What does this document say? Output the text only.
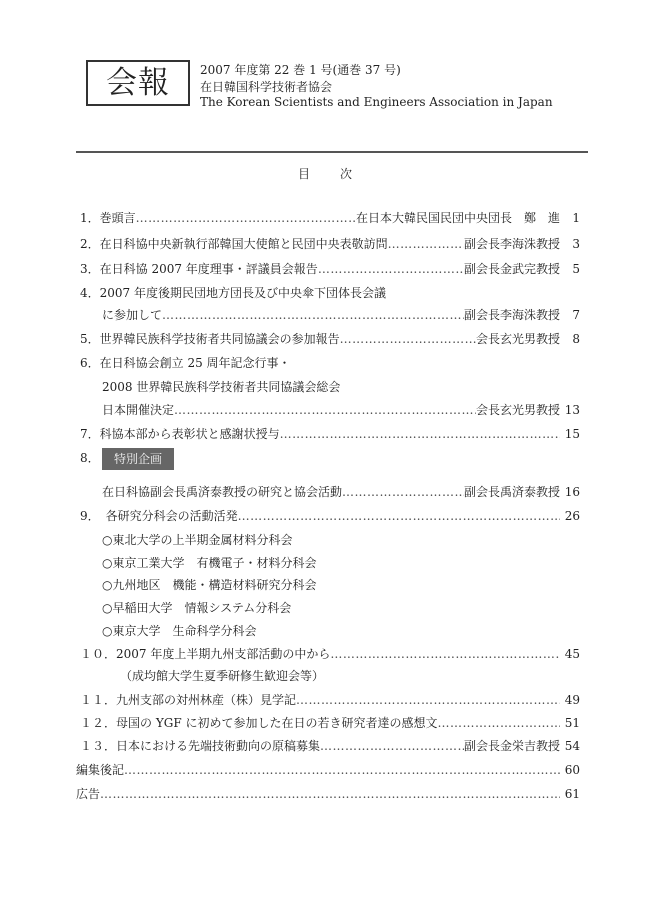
会報	2007 年度第 22 巻 1 号(通巻 37 号)
在日韓国科学技術者協会
The Korean Scientists and Engineers Association in Japan
目次
1．巻頭言 …………………………………………………………………………………………………………………………………………………………………………………………………………………………	在日本大韓民国民団中央団長　鄭　進	1
2．在日科協中央新執行部韓国大使館と民団中央表敬訪問 …………………………………………………………………………………………………………………………………………………………………………………………………………………………	副会長李海洙教授	3
3．在日科協 2007 年度理事・評議員会報告 …………………………………………………………………………………………………………………………………………………………………………………………………………………………	副会長金武完教授	5
4．2007 年度後期民団地方団長及び中央傘下団体長会議
に参加して …………………………………………………………………………………………………………………………………………………………………………………………………………………………	副会長李海洙教授	7
5．世界韓民族科学技術者共同協議会の参加報告 …………………………………………………………………………………………………………………………………………………………………………………………………………………………	会長玄光男教授	8
6．在日科協会創立 25 周年記念行事・
2008 世界韓民族科学技術者共同協議会総会
日本開催決定 …………………………………………………………………………………………………………………………………………………………………………………………………………………………	会長玄光男教授 13
7．科協本部から表彰状と感謝状授与 …………………………………………………………………………………………………………………………………………………………………………………………………………………………	15
8．	特別企画
在日科協副会長禹済泰教授の研究と協会活動 …………………………………………………………………………………………………………………………………………………………………………………………………………………………	副会長禹済泰教授 16
9．　各研究分科会の活動活発 …………………………………………………………………………………………………………………………………………………………………………………………………………………………	26
○東北大学の上半期金属材料分科会
○東京工業大学　有機電子・材料分科会
○九州地区　機能・構造材料研究分科会
○早稲田大学　情報システム分科会
○東京大学　生命科学分科会
１０．2007 年度上半期九州支部活動の中から …………………………………………………………………………………………………………………………………………………………………………………………………………………………	45
（成均館大学生夏季研修生歓迎会等）
１１．九州支部の対州林産（株）見学記 …………………………………………………………………………………………………………………………………………………………………………………………………………………………	49
１２．母国の YGF に初めて参加した在日の若き研究者達の感想文 …………………………………………………………………………………………………………………………………………………………………………………………………………………………	51
１３．日本における先端技術動向の原稿募集 …………………………………………………………………………………………………………………………………………………………………………………………………………………………	副会長金栄吉教授 54
編集後記 …………………………………………………………………………………………………………………………………………………………………………………………………………………………	60
広告 …………………………………………………………………………………………………………………………………………………………………………………………………………………………	61
